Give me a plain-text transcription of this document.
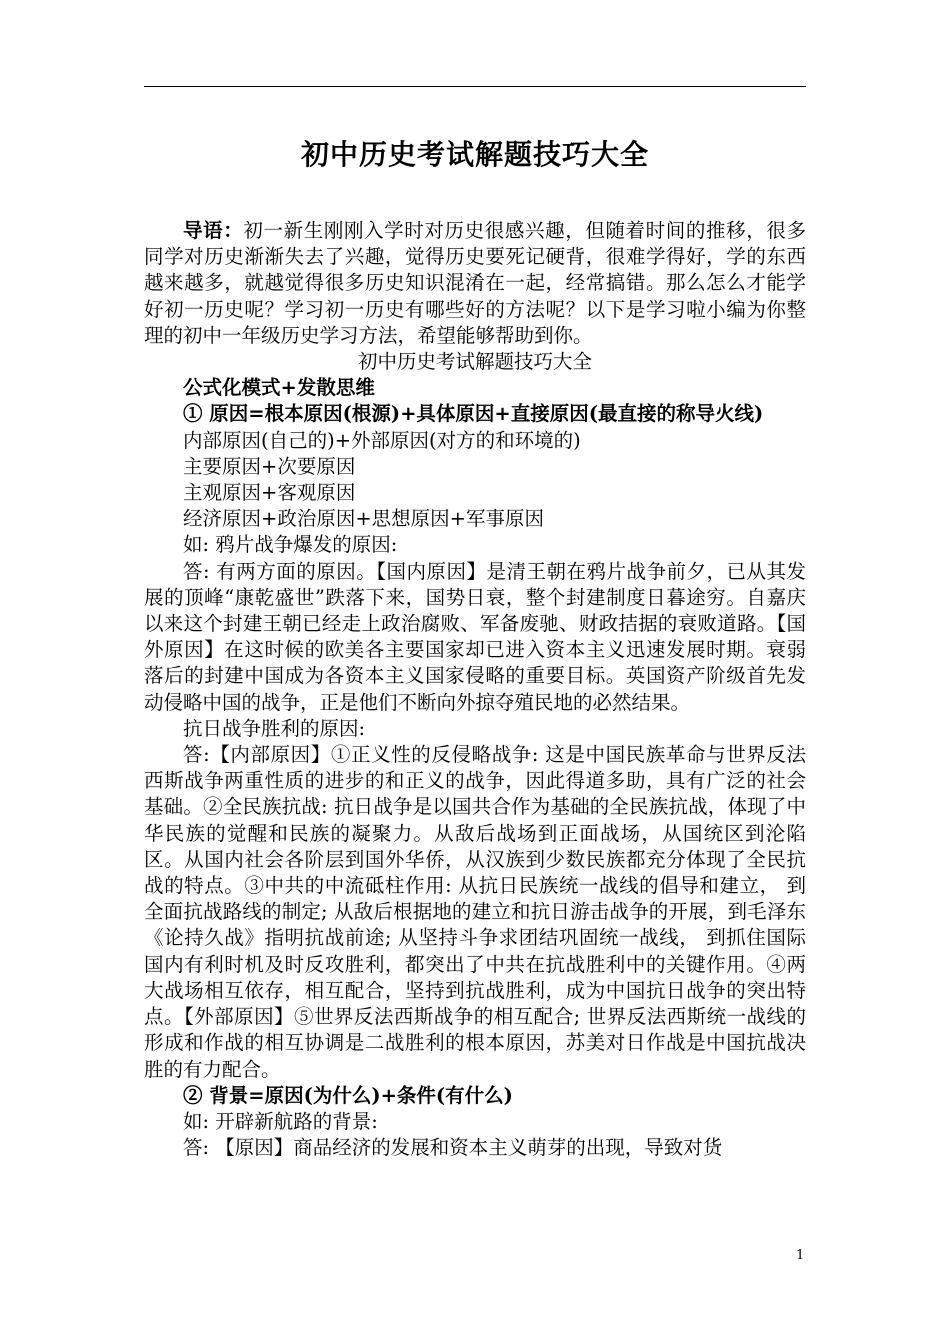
初中历史考试解题技巧大全

导语：初一新生刚刚入学时对历史很感兴趣，但随着时间的推移，很多同学对历史渐渐失去了兴趣，觉得历史要死记硬背，很难学得好，学的东西越来越多，就越觉得很多历史知识混淆在一起，经常搞错。那么怎么才能学好初一历史呢？学习初一历史有哪些好的方法呢？以下是学习啦小编为你整理的初中一年级历史学习方法，希望能够帮助到你。

初中历史考试解题技巧大全

公式化模式+发散思维

① 原因=根本原因(根源)+具体原因+直接原因(最直接的称导火线)

内部原因(自己的)+外部原因(对方的和环境的)

主要原因+次要原因

主观原因+客观原因

经济原因+政治原因+思想原因+军事原因

如: 鸦片战争爆发的原因:

答: 有两方面的原因。【国内原因】是清王朝在鸦片战争前夕，已从其发展的顶峰“康乾盛世”跌落下来，国势日衰，整个封建制度日暮途穷。自嘉庆以来这个封建王朝已经走上政治腐败、军备废驰、财政拮据的衰败道路。【国外原因】在这时候的欧美各主要国家却已进入资本主义迅速发展时期。衰弱落后的封建中国成为各资本主义国家侵略的重要目标。英国资产阶级首先发动侵略中国的战争，正是他们不断向外掠夺殖民地的必然结果。

抗日战争胜利的原因:

答:【内部原因】①正义性的反侵略战争: 这是中国民族革命与世界反法西斯战争两重性质的进步的和正义的战争，因此得道多助，具有广泛的社会基础。②全民族抗战: 抗日战争是以国共合作为基础的全民族抗战，体现了中华民族的觉醒和民族的凝聚力。从敌后战场到正面战场，从国统区到沦陷区。从国内社会各阶层到国外华侨，从汉族到少数民族都充分体现了全民抗战的特点。③中共的中流砥柱作用: 从抗日民族统一战线的倡导和建立， 到全面抗战路线的制定; 从敌后根据地的建立和抗日游击战争的开展，到毛泽东《论持久战》指明抗战前途; 从坚持斗争求团结巩固统一战线， 到抓住国际国内有利时机及时反攻胜利，都突出了中共在抗战胜利中的关键作用。④两大战场相互依存，相互配合，坚持到抗战胜利，成为中国抗日战争的突出特点。【外部原因】⑤世界反法西斯战争的相互配合; 世界反法西斯统一战线的形成和作战的相互协调是二战胜利的根本原因，苏美对日作战是中国抗战决胜的有力配合。

② 背景=原因(为什么)+条件(有什么)

如: 开辟新航路的背景:

答: 【原因】商品经济的发展和资本主义萌芽的出现，导致对货

1
